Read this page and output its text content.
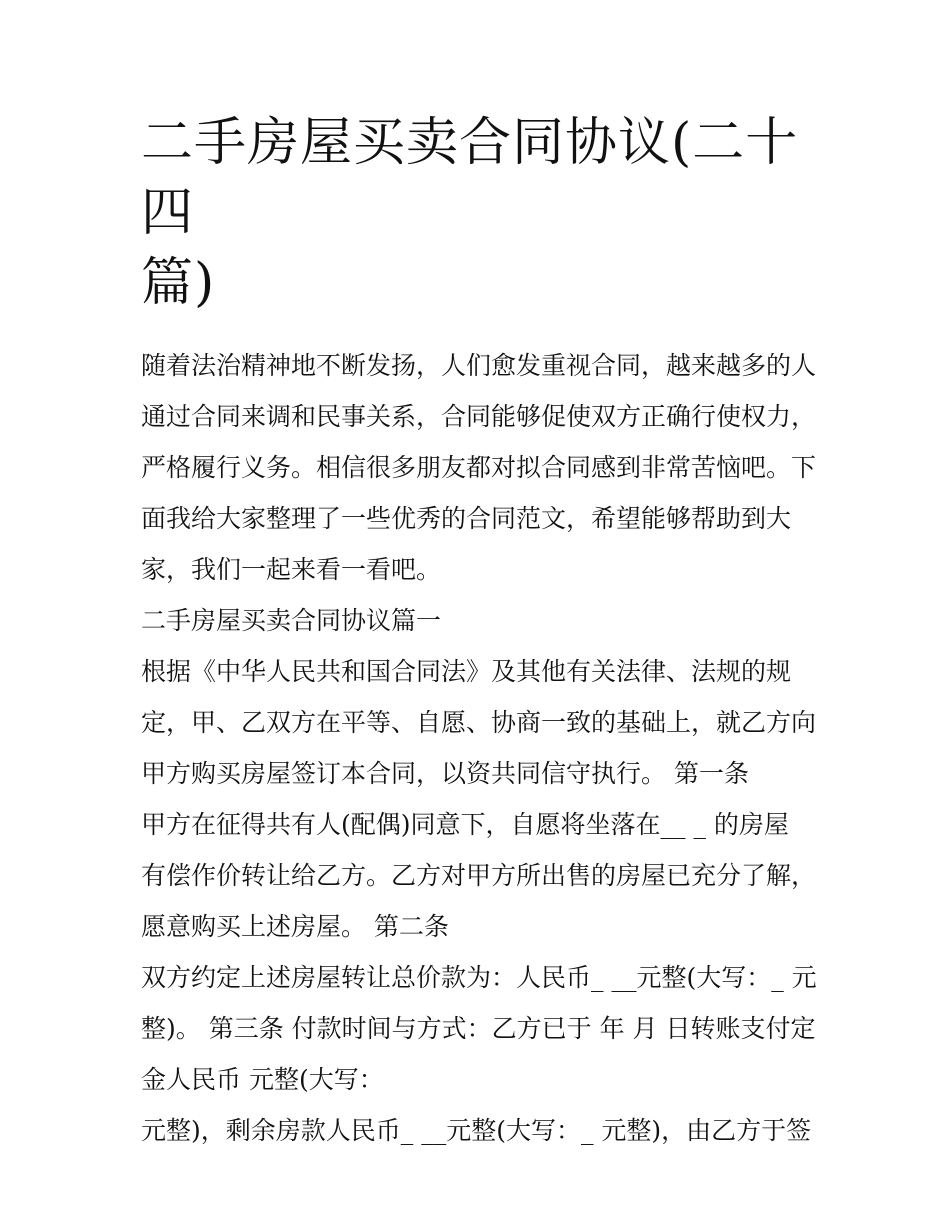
二手房屋买卖合同协议(二十四
篇)

随着法治精神地不断发扬，人们愈发重视合同，越来越多的人

通过合同来调和民事关系，合同能够促使双方正确行使权力，

严格履行义务。相信很多朋友都对拟合同感到非常苦恼吧。下

面我给大家整理了一些优秀的合同范文，希望能够帮助到大

家，我们一起来看一看吧。

二手房屋买卖合同协议篇一

根据《中华人民共和国合同法》及其他有关法律、法规的规

定，甲、乙双方在平等、自愿、协商一致的基础上，就乙方向

甲方购买房屋签订本合同，以资共同信守执行。 第一条

甲方在征得共有人(配偶)同意下，自愿将坐落在__ _ 的房屋

有偿作价转让给乙方。乙方对甲方所出售的房屋已充分了解，

愿意购买上述房屋。 第二条

双方约定上述房屋转让总价款为：人民币_ __元整(大写：_ 元

整)。 第三条 付款时间与方式：乙方已于 年 月 日转账支付定

金人民币 元整(大写：

元整)，剩余房款人民币_ __元整(大写：_ 元整)，由乙方于签
